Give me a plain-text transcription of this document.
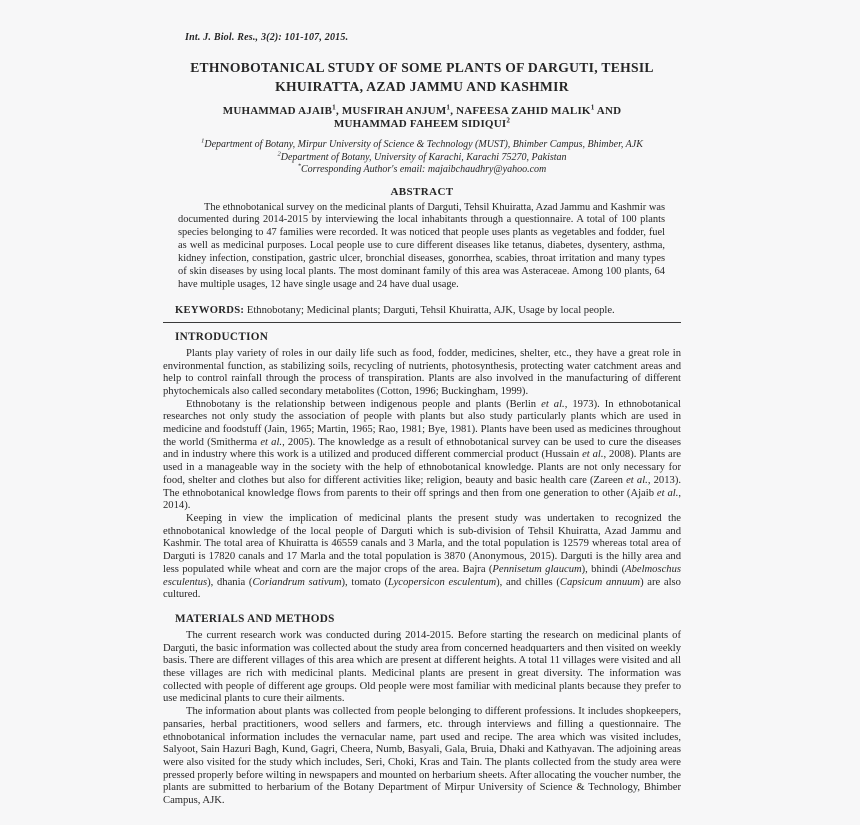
Int. J. Biol. Res., 3(2): 101-107, 2015.
ETHNOBOTANICAL STUDY OF SOME PLANTS OF DARGUTI, TEHSIL KHUIRATTA, AZAD JAMMU AND KASHMIR
MUHAMMAD AJAIB$^1$, MUSFIRAH ANJUM$^1$, NAFEESA ZAHID MALIK$^1$ AND MUHAMMAD FAHEEM SIDIQUI$^2$
$^1$Department of Botany, Mirpur University of Science & Technology (MUST), Bhimber Campus, Bhimber, AJK
$^2$Department of Botany, University of Karachi, Karachi 75270, Pakistan
*Corresponding Author's email: majaibchaudhry@yahoo.com
ABSTRACT

The ethnobotanical survey on the medicinal plants of Darguti, Tehsil Khuiratta, Azad Jammu and Kashmir was documented during 2014-2015 by interviewing the local inhabitants through a questionnaire. A total of 100 plants species belonging to 47 families were recorded. It was noticed that people uses plants as vegetables and fodder, fuel as well as medicinal purposes. Local people use to cure different diseases like tetanus, diabetes, dysentery, asthma, kidney infection, constipation, gastric ulcer, bronchial diseases, gonorrhea, scabies, throat irritation and many types of skin diseases by using local plants. The most dominant family of this area was Asteraceae. Among 100 plants, 64 have multiple usages, 12 have single usage and 24 have dual usage.

KEYWORDS: Ethnobotany; Medicinal plants; Darguti, Tehsil Khuiratta, AJK, Usage by local people.

INTRODUCTION

Plants play variety of roles in our daily life such as food, fodder, medicines, shelter, etc., they have a great role in environmental function, as stabilizing soils, recycling of nutrients, photosynthesis, protecting water catchment areas and help to control rainfall through the process of transpiration. Plants are also involved in the manufacturing of different phytochemicals also called secondary metabolites (Cotton, 1996; Buckingham, 1999).

Ethnobotany is the relationship between indigenous people and plants (Berlin et al., 1973). In ethnobotanical researches not only study the association of people with plants but also study particularly plants which are used in medicine and foodstuff (Jain, 1965; Martin, 1965; Rao, 1981; Bye, 1981). Plants have been used as medicines throughout the world (Smitherma et al., 2005). The knowledge as a result of ethnobotanical survey can be used to cure the diseases and in industry where this work is a utilized and produced different commercial product (Hussain et al., 2008). Plants are used in a manageable way in the society with the help of ethnobotanical knowledge. Plants are not only necessary for food, shelter and clothes but also for different activities like; religion, beauty and basic health care (Zareen et al., 2013). The ethnobotanical knowledge flows from parents to their off springs and then from one generation to other (Ajaib et al., 2014).

Keeping in view the implication of medicinal plants the present study was undertaken to recognized the ethnobotanical knowledge of the local people of Darguti which is sub-division of Tehsil Khuiratta, Azad Jammu and Kashmir. The total area of Khuiratta is 46559 canals and 3 Marla, and the total population is 12579 whereas total area of Darguti is 17820 canals and 17 Marla and the total population is 3870 (Anonymous, 2015). Darguti is the hilly area and less populated while wheat and corn are the major crops of the area. Bajra (Pennisetum glaucum), bhindi (Abelmoschus esculentus), dhania (Coriandrum sativum), tomato (Lycopersicon esculentum), and chilles (Capsicum annuum) are also cultured.

MATERIALS AND METHODS

The current research work was conducted during 2014-2015. Before starting the research on medicinal plants of Darguti, the basic information was collected about the study area from concerned headquarters and then visited on weekly basis. There are different villages of this area which are present at different heights. A total 11 villages were visited and all these villages are rich with medicinal plants. Medicinal plants are present in great diversity. The information was collected with people of different age groups. Old people were most familiar with medicinal plants because they prefer to use medicinal plants to cure their ailments.

The information about plants was collected from people belonging to different professions. It includes shopkeepers, pansaries, herbal practitioners, wood sellers and farmers, etc. through interviews and filling a questionnaire. The ethnobotanical information includes the vernacular name, part used and recipe. The area which was visited includes, Salyoot, Sain Hazuri Bagh, Kund, Gagri, Cheera, Numb, Basyali, Gala, Bruia, Dhaki and Kathyavan. The adjoining areas were also visited for the study which includes, Seri, Choki, Kras and Tain. The plants collected from the study area were pressed properly before wilting in newspapers and mounted on herbarium sheets. After allocating the voucher number, the plants are submitted to herbarium of the Botany Department of Mirpur University of Science & Technology, Bhimber Campus, AJK.
